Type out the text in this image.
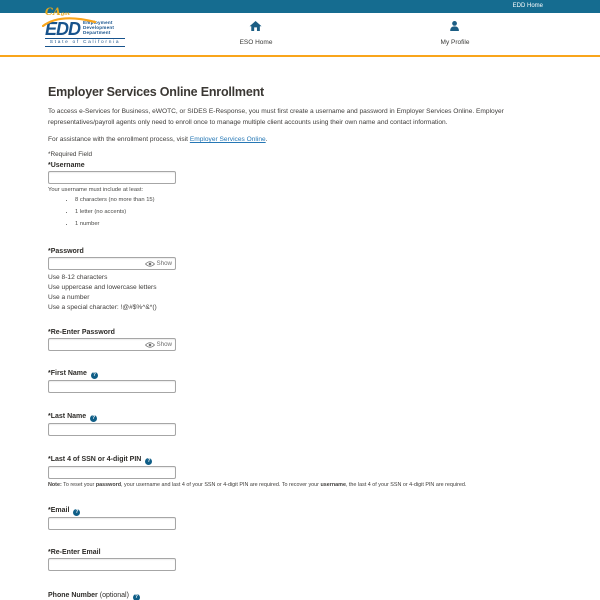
EDD Home
CAgov
EDD Employment
Development
Department
State of California	ESO Home	My Profile
Employer Services Online Enrollment

To access e-Services for Business, eWOTC, or SIDES E-Response, you must first create a username and password in Employer Services Online. Employer representatives/payroll agents only need to enroll once to manage multiple client accounts using their own name and contact information.

For assistance with the enrollment process, visit Employer Services Online.

*Required Field

*Username
Your username must include at least:
• 8 characters (no more than 15)
• 1 letter (no accents)
• 1 number
*Password
Show
Use 8-12 characters
Use uppercase and lowercase letters
Use a number
Use a special character: !@#$%^&*()
*Re-Enter Password
Show
*First Name ?
*Last Name ?
*Last 4 of SSN or 4-digit PIN ?

Note: To reset your password, your username and last 4 of your SSN or 4-digit PIN are required. To recover your username, the last 4 of your SSN or 4-digit PIN are required.

*Email ?
*Re-Enter Email
Phone Number (optional) ?
